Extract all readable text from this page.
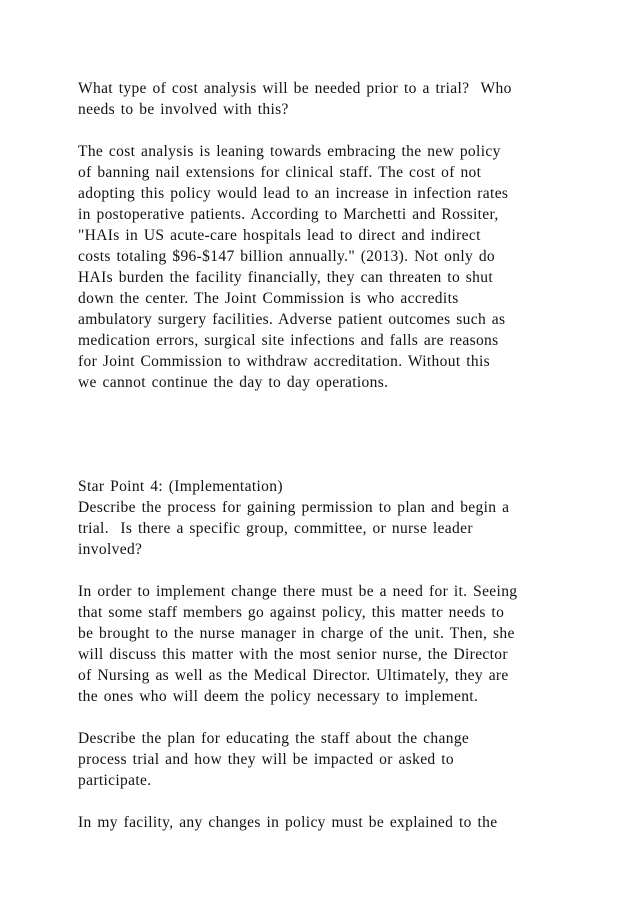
What type of cost analysis will be needed prior to a trial?  Who

needs to be involved with this?

The cost analysis is leaning towards embracing the new policy

of banning nail extensions for clinical staff. The cost of not

adopting this policy would lead to an increase in infection rates

in postoperative patients. According to Marchetti and Rossiter,

"HAIs in US acute-care hospitals lead to direct and indirect

costs totaling $96-$147 billion annually." (2013). Not only do

HAIs burden the facility financially, they can threaten to shut

down the center. The Joint Commission is who accredits

ambulatory surgery facilities. Adverse patient outcomes such as

medication errors, surgical site infections and falls are reasons

for Joint Commission to withdraw accreditation. Without this

we cannot continue the day to day operations.

Star Point 4: (Implementation)

Describe the process for gaining permission to plan and begin a

trial.  Is there a specific group, committee, or nurse leader

involved?

In order to implement change there must be a need for it. Seeing

that some staff members go against policy, this matter needs to

be brought to the nurse manager in charge of the unit. Then, she

will discuss this matter with the most senior nurse, the Director

of Nursing as well as the Medical Director. Ultimately, they are

the ones who will deem the policy necessary to implement.

Describe the plan for educating the staff about the change

process trial and how they will be impacted or asked to

participate.

In my facility, any changes in policy must be explained to the
